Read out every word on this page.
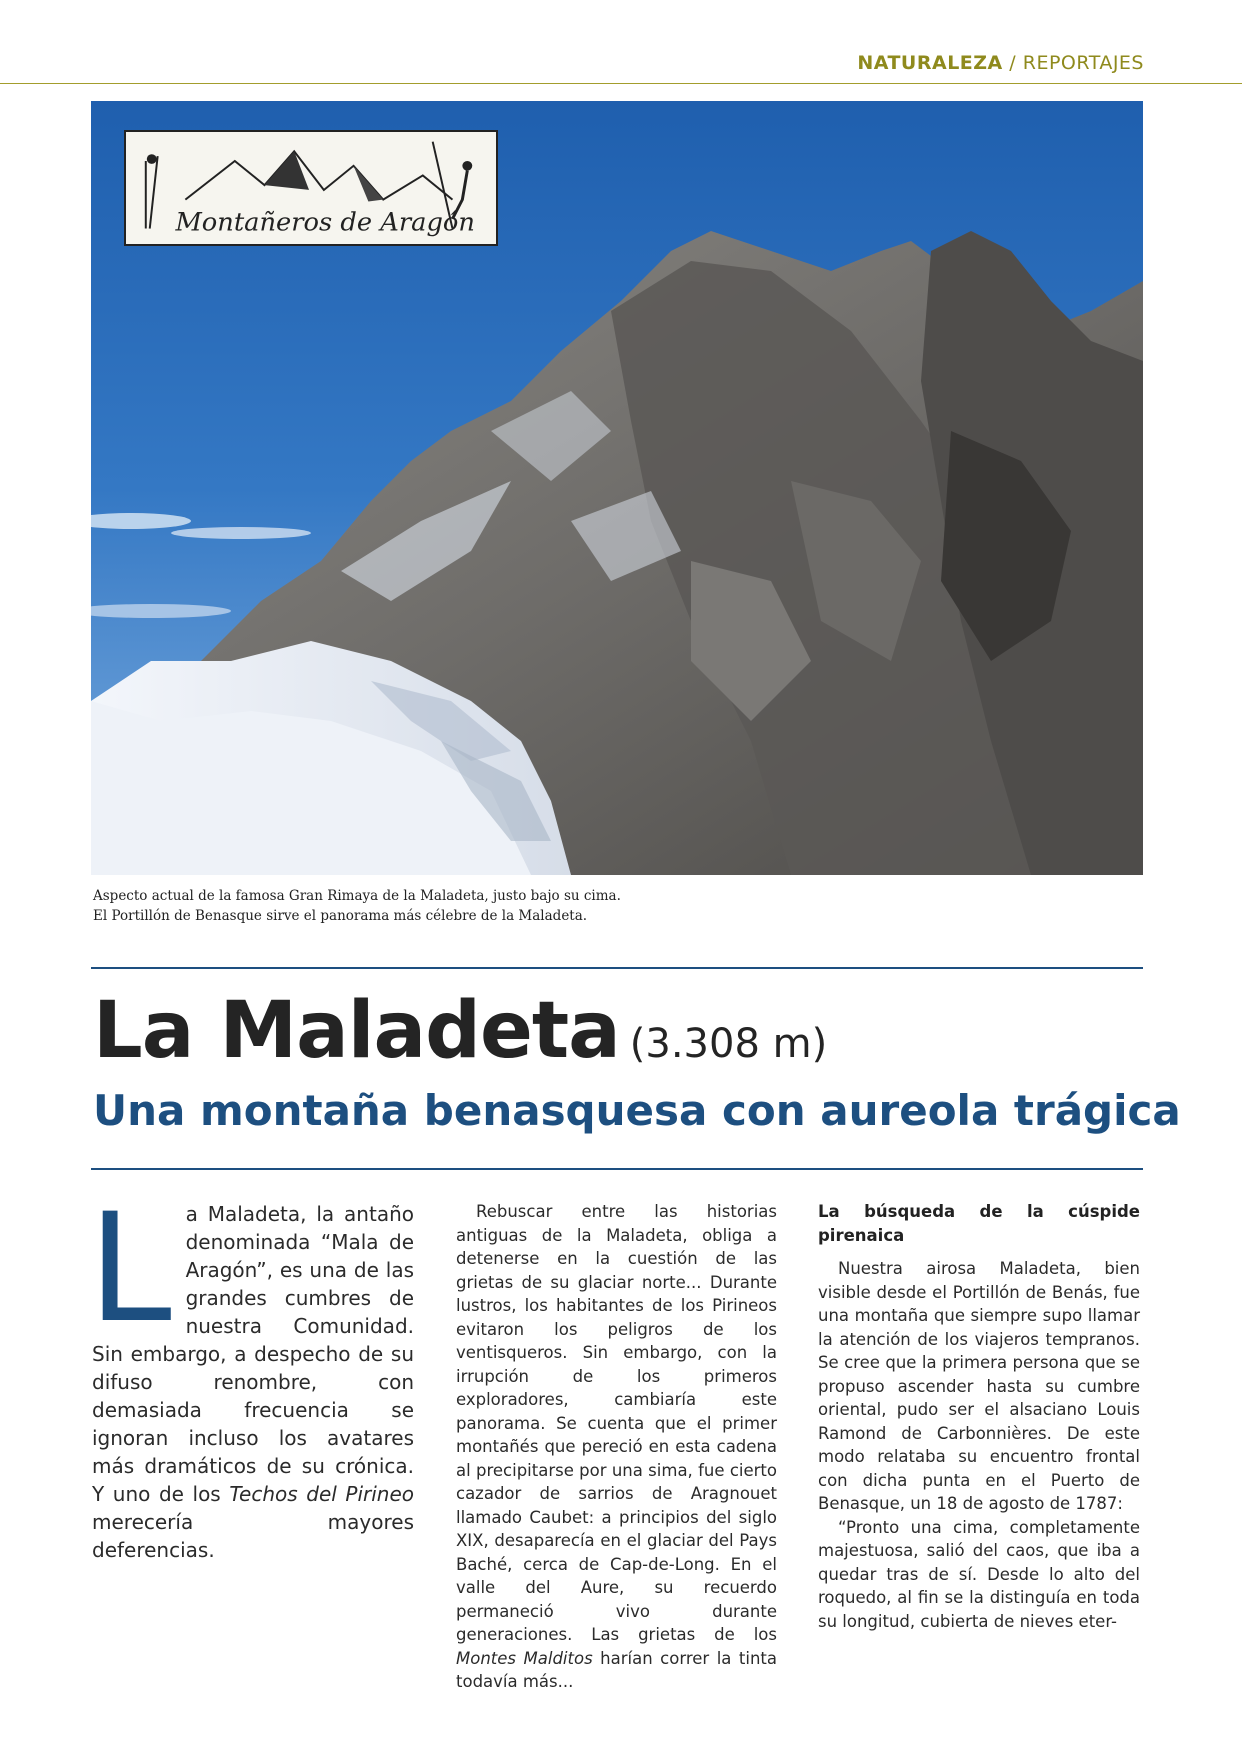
NATURALEZA / REPORTAJES
Montañeros de Aragón
Aspecto actual de la famosa Gran Rimaya de la Maladeta, justo bajo su cima.
El Portillón de Benasque sirve el panorama más célebre de la Maladeta.
La Maladeta (3.308 m)
Una montaña benasquesa con aureola trágica
L a Maladeta, la antaño denominada “Mala de Aragón”, es una de las grandes cumbres de nuestra Comunidad. Sin embargo, a despecho de su difuso renombre, con demasiada frecuencia se ignoran incluso los avatares más dramáticos de su crónica. Y uno de los Techos del Pirineo merecería mayores deferencias.

Rebuscar entre las historias antiguas de la Maladeta, obliga a detenerse en la cuestión de las grietas de su glaciar norte... Durante lustros, los habitantes de los Pirineos evitaron los peligros de los ventisqueros. Sin embargo, con la irrupción de los primeros exploradores, cambiaría este panorama. Se cuenta que el primer montañés que pereció en esta cadena al precipitarse por una sima, fue cierto cazador de sarrios de Aragnouet llamado Caubet: a principios del siglo XIX, desaparecía en el glaciar del Pays Baché, cerca de Cap-de-Long. En el valle del Aure, su recuerdo permaneció vivo durante generaciones. Las grietas de los Montes Malditos harían correr la tinta todavía más...

La búsqueda de la cúspide pirenaica

Nuestra airosa Maladeta, bien visible desde el Portillón de Benás, fue una montaña que siempre supo llamar la atención de los viajeros tempranos. Se cree que la primera persona que se propuso ascender hasta su cumbre oriental, pudo ser el alsaciano Louis Ramond de Carbonnières. De este modo relataba su encuentro frontal con dicha punta en el Puerto de Benasque, un 18 de agosto de 1787:

“Pronto una cima, completamente majestuosa, salió del caos, que iba a quedar tras de sí. Desde lo alto del roquedo, al fin se la distinguía en toda su longitud, cubierta de nieves eter-
